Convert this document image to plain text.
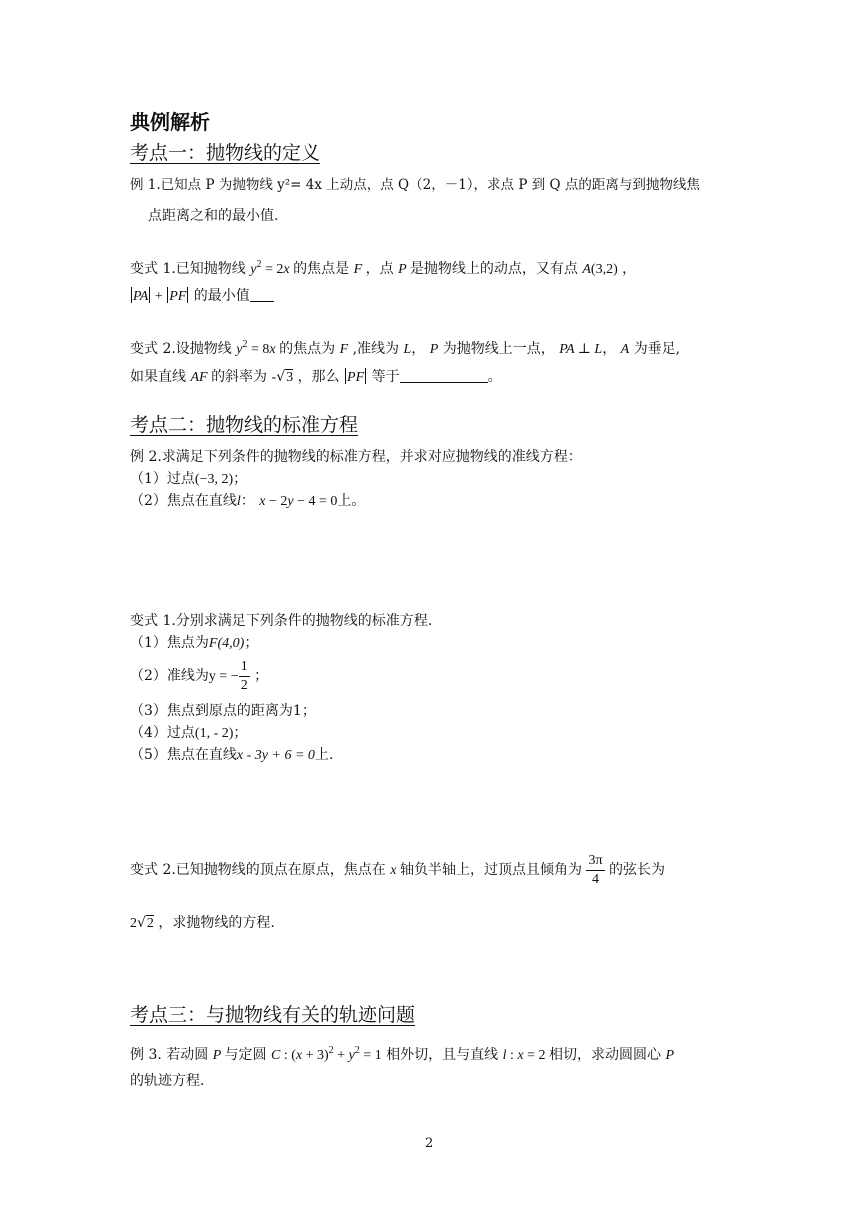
典例解析
考点一：抛物线的定义
例 1.已知点 P 为抛物线 y²= 4x 上动点，点 Q（2，－1），求点 P 到 Q 点的距离与到抛物线焦
点距离之和的最小值.
变式 1.已知抛物线 $y^2 = 2x$ 的焦点是 F ，点 P 是抛物线上的动点，又有点 A(3,2) ，
PA + PF 的最小值
变式 2.设抛物线 $y^2 = 8x$ 的焦点为 F ,准线为 L， P 为抛物线上一点， PA ⊥ L， A 为垂足,
如果直线 AF 的斜率为 -√3 ，那么 PF 等于	。
考点二：抛物线的标准方程
例 2.求满足下列条件的抛物线的标准方程，并求对应抛物线的准线方程：
（1）过点(−3, 2)；
（2）焦点在直线l： x − 2y − 4 = 0上。
变式 1.分别求满足下列条件的抛物线的标准方程.
（1）焦点为F(4,0)；
（2）准线为y = − $\frac{1}{2}$ ；
（3）焦点到原点的距离为1；
（4）过点(1, - 2)；
（5）焦点在直线x - 3y + 6 = 0上.
变式 2.已知抛物线的顶点在原点，焦点在 x 轴负半轴上，过顶点且倾角为 $\frac{3\pi}{4}$ 的弦长为
2√2 ，求抛物线的方程.
考点三：与抛物线有关的轨迹问题
例 3. 若动圆 P 与定圆 C : $(x + 3)^2 + y^2 = 1$ 相外切，且与直线 l : x = 2 相切，求动圆圆心 P
的轨迹方程.
2
